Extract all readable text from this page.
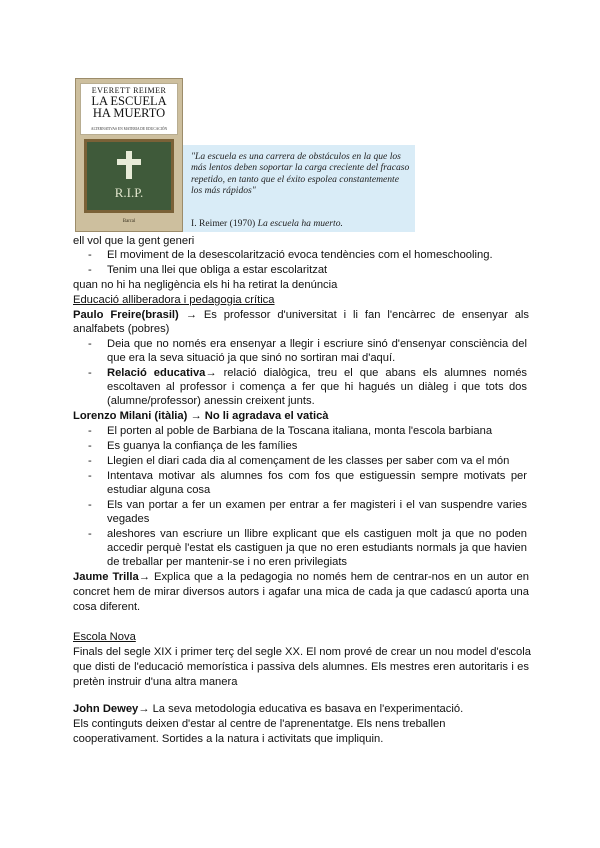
EVERETT REIMER
LA ESCUELA
HA MUERTO
ALTERNATIVAS EN MATERIA DE EDUCACIÓN
R.I.P.
Barral

"La escuela es una carrera de obstáculos en la que los más lentos deben soportar la carga creciente del fracaso repetido, en tanto que el éxito espolea constantemente los más rápidos"

I. Reimer (1970) La escuela ha muerto.
ell vol que la gent generi
- El moviment de la desescolarització evoca tendències com el homeschooling.
- Tenim una llei que obliga a estar escolaritzat
quan no hi ha negligència els hi ha retirat la denúncia
Educació alliberadora i pedagogia crítica
Paulo Freire(brasil) → Es professor d'universitat i li fan l'encàrrec de ensenyar als
analfabets (pobres)
- Deia que no només era ensenyar a llegir i escriure sinó d'ensenyar consciència del
que era la seva situació ja que sinó no sortiran mai d'aquí.
- Relació educativa→ relació dialògica, treu el que abans els alumnes només
escoltaven al professor i comença a fer que hi hagués un diàleg i que tots dos
(alumne/professor) anessin creixent junts.
Lorenzo Milani (itàlia) → No li agradava el vaticà
- El porten al poble de Barbiana de la Toscana italiana, monta l'escola barbiana
- Es guanya la confiança de les famílies
- Llegien el diari cada dia al començament de les classes per saber com va el món
- Intentava motivar als alumnes fos com fos que estiguessin sempre motivats per
estudiar alguna cosa
- Els van portar a fer un examen per entrar a fer magisteri i el van suspendre varies
vegades
- aleshores van escriure un llibre explicant que els castiguen molt ja que no poden
accedir perquè l'estat els castiguen ja que no eren estudiants normals ja que havien
de treballar per mantenir-se i no eren privilegiats
Jaume Trilla→ Explica que a la pedagogia no només hem de centrar-nos en un autor en
concret hem de mirar diversos autors i agafar una mica de cada ja que cadascú aporta una
cosa diferent.
Escola Nova
Finals del segle XIX i primer terç del segle XX. El nom prové de crear un nou model d'escola
que disti de l'educació memorística i passiva dels alumnes. Els mestres eren autoritaris i es
pretèn instruir d'una altra manera
John Dewey→ La seva metodologia educativa es basava en l'experimentació.
Els continguts deixen d'estar al centre de l'aprenentatge. Els nens treballen
cooperativament. Sortides a la natura i activitats que impliquin.
